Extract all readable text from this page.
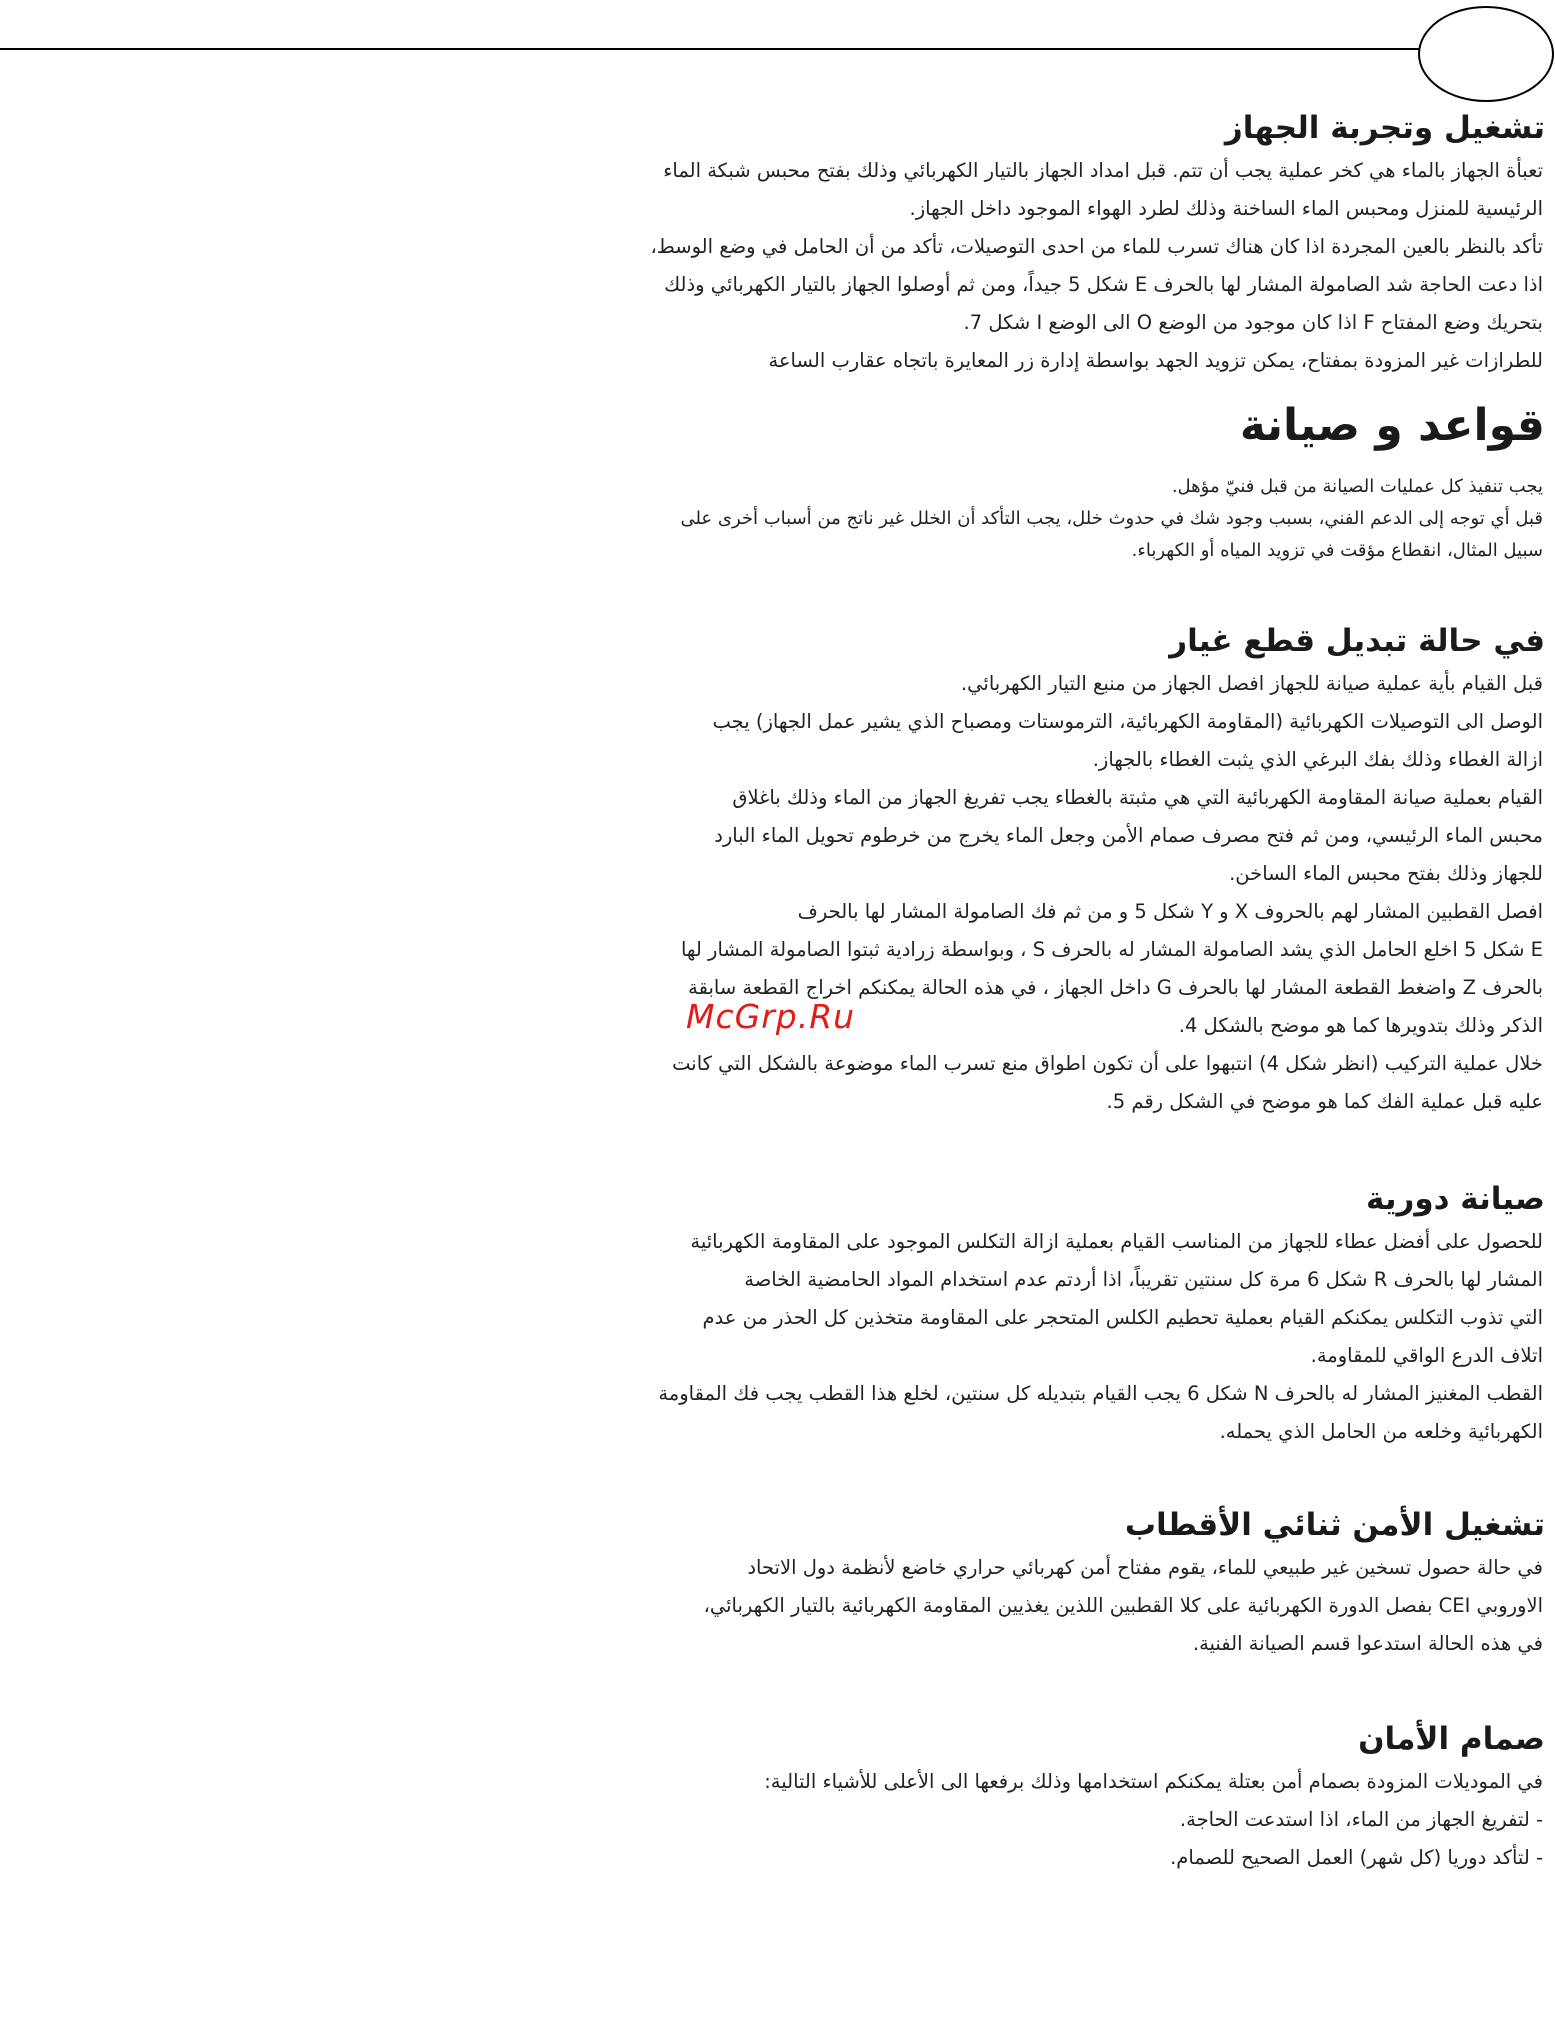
تشغيل وتجربة الجهاز

تعبأة الجهاز بالماء هي كخر عملية يجب أن تتم. قبل امداد الجهاز بالتيار الكهربائي وذلك بفتح محبس شبكة الماء

الرئيسية للمنزل ومحبس الماء الساخنة وذلك لطرد الهواء الموجود داخل الجهاز.

تأكد بالنظر بالعين المجردة اذا كان هناك تسرب للماء من احدى التوصيلات، تأكد من أن الحامل في وضع الوسط،

اذا دعت الحاجة شد الصامولة المشار لها بالحرف E شكل 5 جيداً، ومن ثم أوصلوا الجهاز بالتيار الكهربائي وذلك

بتحريك وضع المفتاح F اذا كان موجود من الوضع O الى الوضع I شكل 7.

للطرازات غير المزودة بمفتاح، يمكن تزويد الجهد بواسطة إدارة زر المعايرة باتجاه عقارب الساعة

قواعد و صيانة

يجب تنفيذ كل عمليات الصيانة من قبل فنيّ مؤهل.

قبل أي توجه إلى الدعم الفني، بسبب وجود شك في حدوث خلل، يجب التأكد أن الخلل غير ناتج من أسباب أخرى على

سبيل المثال، انقطاع مؤقت في تزويد المياه أو الكهرباء.

في حالة تبديل قطع غيار

قبل القيام بأية عملية صيانة للجهاز افصل الجهاز من منبع التيار الكهربائي.

الوصل الى التوصيلات الكهربائية (المقاومة الكهربائية، الترموستات ومصباح الذي يشير عمل الجهاز) يجب

ازالة الغطاء وذلك بفك البرغي الذي يثبت الغطاء بالجهاز.

القيام بعملية صيانة المقاومة الكهربائية التي هي مثبتة بالغطاء يجب تفريغ الجهاز من الماء وذلك باغلاق

محبس الماء الرئيسي، ومن ثم فتح مصرف صمام الأمن وجعل الماء يخرج من خرطوم تحويل الماء البارد

للجهاز وذلك بفتح محبس الماء الساخن.

افصل القطبين المشار لهم بالحروف X و Y شكل 5 و من ثم فك الصامولة المشار لها بالحرف

E شكل 5 اخلع الحامل الذي يشد الصامولة المشار له بالحرف S ، وبواسطة زرادية ثبتوا الصامولة المشار لها

بالحرف Z واضغط القطعة المشار لها بالحرف G داخل الجهاز ، في هذه الحالة يمكنكم اخراج القطعة سابقة

الذكر وذلك بتدويرها كما هو موضح بالشكل 4.

خلال عملية التركيب (انظر شكل 4) انتبهوا على أن تكون اطواق منع تسرب الماء موضوعة بالشكل التي كانت

عليه قبل عملية الفك كما هو موضح في الشكل رقم 5.

صيانة دورية

للحصول على أفضل عطاء للجهاز من المناسب القيام بعملية ازالة التكلس الموجود على المقاومة الكهربائية

المشار لها بالحرف R شكل 6 مرة كل سنتين تقريباً، اذا أردتم عدم استخدام المواد الحامضية الخاصة

التي تذوب التكلس يمكنكم القيام بعملية تحطيم الكلس المتحجر على المقاومة متخذين كل الحذر من عدم

اتلاف الدرع الواقي للمقاومة.

القطب المغنيز المشار له بالحرف N شكل 6 يجب القيام بتبديله كل سنتين، لخلع هذا القطب يجب فك المقاومة

الكهربائية وخلعه من الحامل الذي يحمله.

تشغيل الأمن ثنائي الأقطاب

في حالة حصول تسخين غير طبيعي للماء، يقوم مفتاح أمن كهربائي حراري خاضع لأنظمة دول الاتحاد

الاوروبي CEI بفصل الدورة الكهربائية على كلا القطبين اللذين يغذيين المقاومة الكهربائية بالتيار الكهربائي،

في هذه الحالة استدعوا قسم الصيانة الفنية.

صمام الأمان

في الموديلات المزودة بصمام أمن بعتلة يمكنكم استخدامها وذلك برفعها الى الأعلى للأشياء التالية:

- لتفريغ الجهاز من الماء، اذا استدعت الحاجة.

- لتأكد دوريا (كل شهر) العمل الصحيح للصمام.

McGrp.Ru
